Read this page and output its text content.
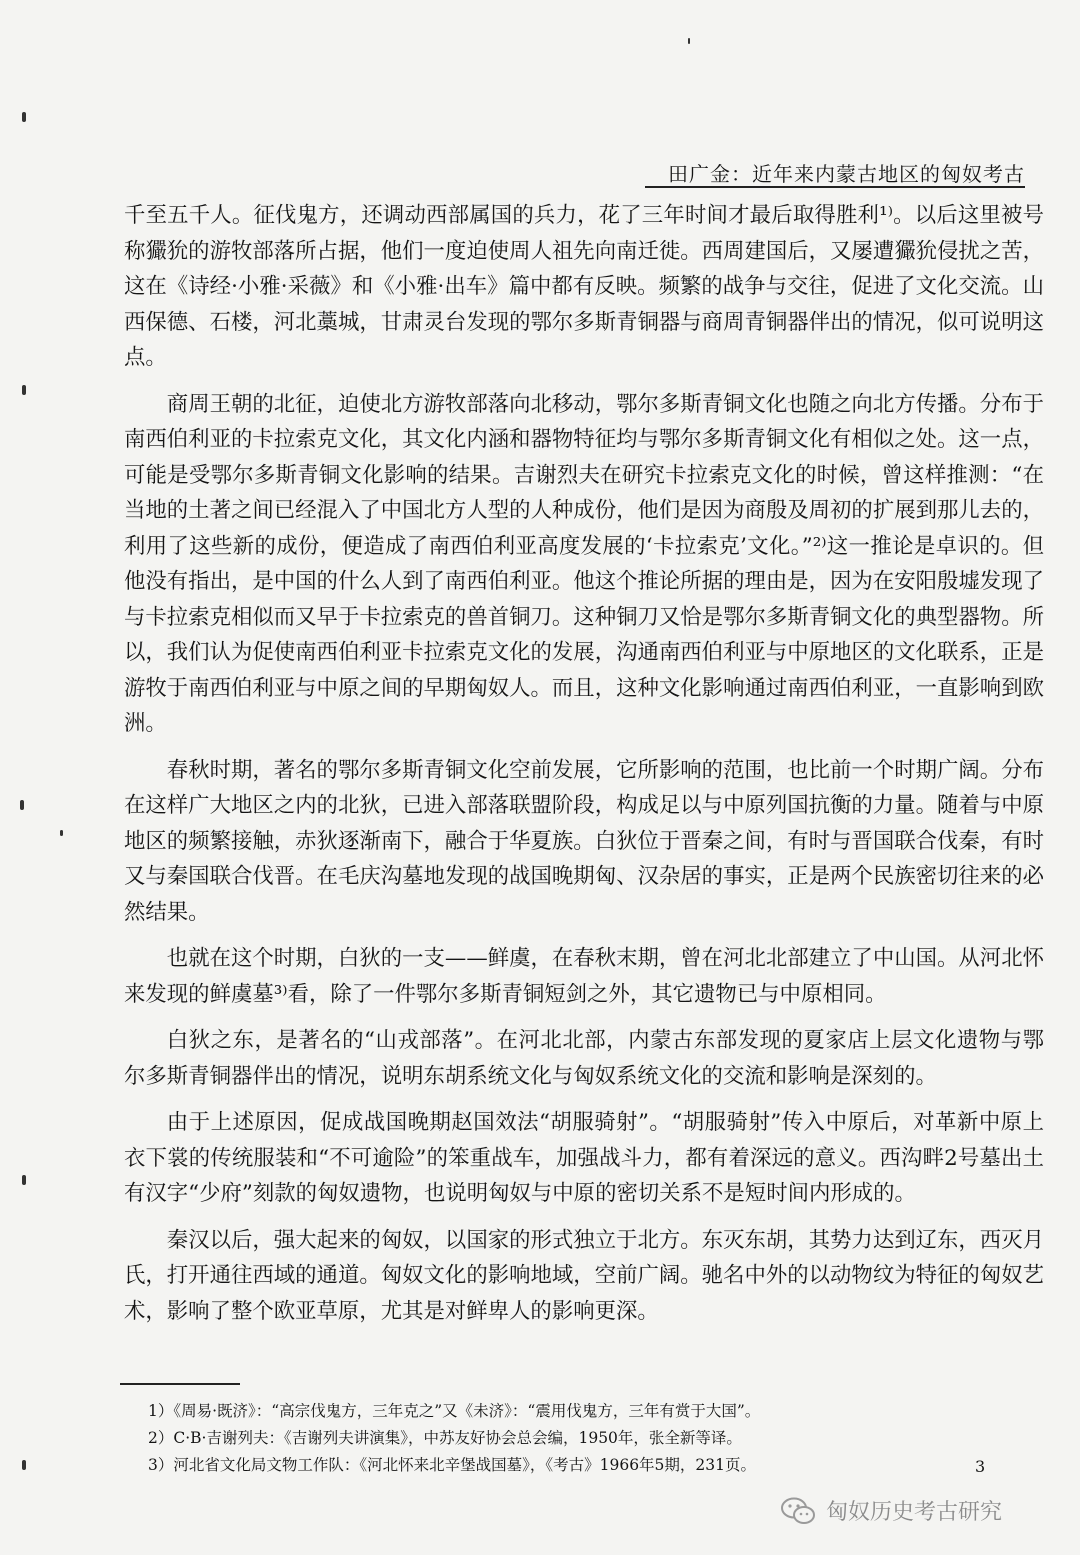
田广金：近年来内蒙古地区的匈奴考古

千至五千人。征伐鬼方，还调动西部属国的兵力，花了三年时间才最后取得胜利¹⁾。以后这里被号称玁狁的游牧部落所占据，他们一度迫使周人祖先向南迁徙。西周建国后，又屡遭玁狁侵扰之苦，这在《诗经·小雅·采薇》和《小雅·出车》篇中都有反映。频繁的战争与交往，促进了文化交流。山西保德、石楼，河北藁城，甘肃灵台发现的鄂尔多斯青铜器与商周青铜器伴出的情况，似可说明这点。

商周王朝的北征，迫使北方游牧部落向北移动，鄂尔多斯青铜文化也随之向北方传播。分布于南西伯利亚的卡拉索克文化，其文化内涵和器物特征均与鄂尔多斯青铜文化有相似之处。这一点，可能是受鄂尔多斯青铜文化影响的结果。吉谢烈夫在研究卡拉索克文化的时候，曾这样推测：“在当地的土著之间已经混入了中国北方人型的人种成份，他们是因为商殷及周初的扩展到那儿去的，利用了这些新的成份，便造成了南西伯利亚高度发展的‘卡拉索克’文化。”²⁾这一推论是卓识的。但他没有指出，是中国的什么人到了南西伯利亚。他这个推论所据的理由是，因为在安阳殷墟发现了与卡拉索克相似而又早于卡拉索克的兽首铜刀。这种铜刀又恰是鄂尔多斯青铜文化的典型器物。所以，我们认为促使南西伯利亚卡拉索克文化的发展，沟通南西伯利亚与中原地区的文化联系，正是游牧于南西伯利亚与中原之间的早期匈奴人。而且，这种文化影响通过南西伯利亚，一直影响到欧洲。

春秋时期，著名的鄂尔多斯青铜文化空前发展，它所影响的范围，也比前一个时期广阔。分布在这样广大地区之内的北狄，已进入部落联盟阶段，构成足以与中原列国抗衡的力量。随着与中原地区的频繁接触，赤狄逐渐南下，融合于华夏族。白狄位于晋秦之间，有时与晋国联合伐秦，有时又与秦国联合伐晋。在毛庆沟墓地发现的战国晚期匈、汉杂居的事实，正是两个民族密切往来的必然结果。

也就在这个时期，白狄的一支——鲜虞，在春秋末期，曾在河北北部建立了中山国。从河北怀来发现的鲜虞墓³⁾看，除了一件鄂尔多斯青铜短剑之外，其它遗物已与中原相同。

白狄之东，是著名的“山戎部落”。在河北北部，内蒙古东部发现的夏家店上层文化遗物与鄂尔多斯青铜器伴出的情况，说明东胡系统文化与匈奴系统文化的交流和影响是深刻的。

由于上述原因，促成战国晚期赵国效法“胡服骑射”。“胡服骑射”传入中原后，对革新中原上衣下裳的传统服装和“不可逾险”的笨重战车，加强战斗力，都有着深远的意义。西沟畔2号墓出土有汉字“少府”刻款的匈奴遗物，也说明匈奴与中原的密切关系不是短时间内形成的。

秦汉以后，强大起来的匈奴，以国家的形式独立于北方。东灭东胡，其势力达到辽东，西灭月氏，打开通往西域的通道。匈奴文化的影响地域，空前广阔。驰名中外的以动物纹为特征的匈奴艺术，影响了整个欧亚草原，尤其是对鲜卑人的影响更深。

1）《周易·既济》：“高宗伐鬼方，三年克之”又《未济》：“震用伐鬼方，三年有赏于大国”。
2）C·B·吉谢列夫：《吉谢列夫讲演集》，中苏友好协会总会编，1950年，张全新等译。
3）河北省文化局文物工作队：《河北怀来北辛堡战国墓》，《考古》1966年5期，231页。	3
匈奴历史考古研究
